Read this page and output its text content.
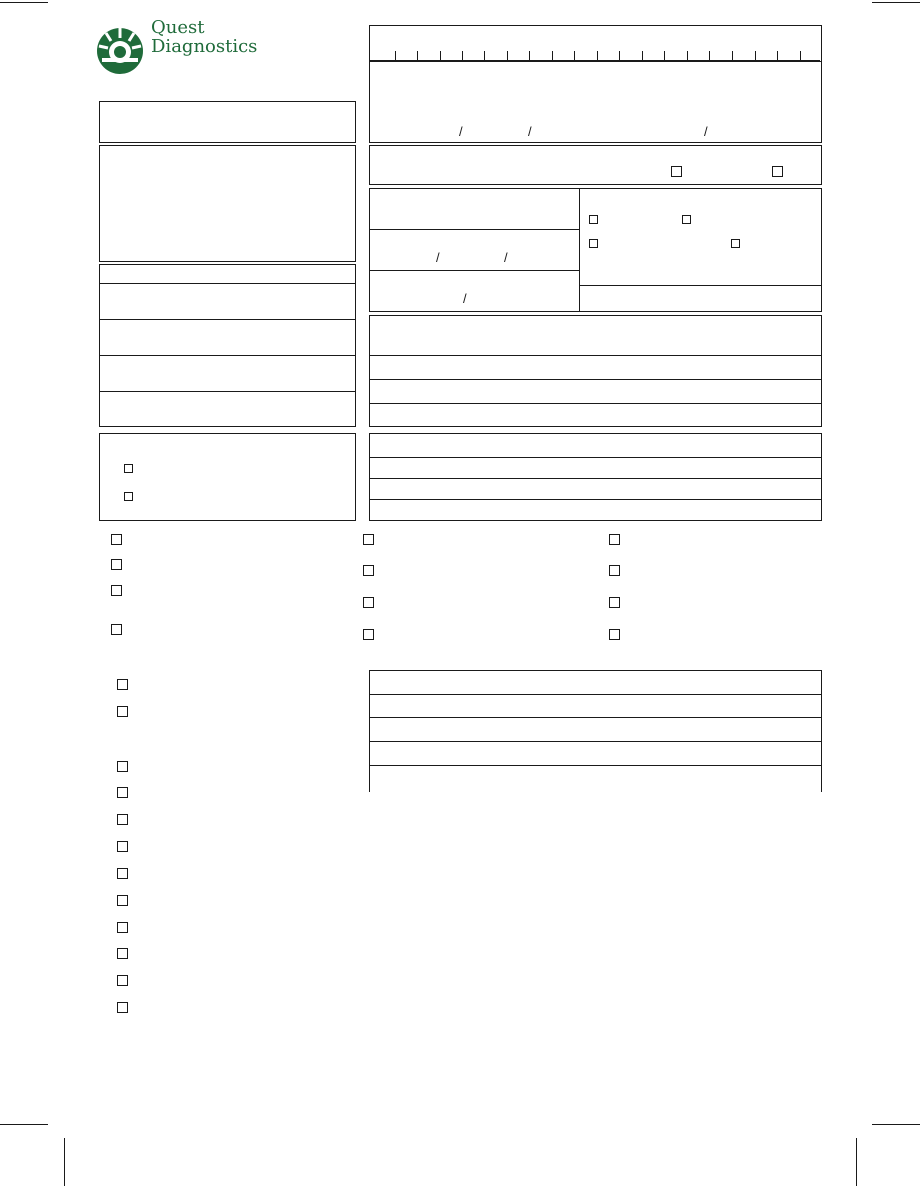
Quest
Diagnostics
/	/	/
/	/
/
